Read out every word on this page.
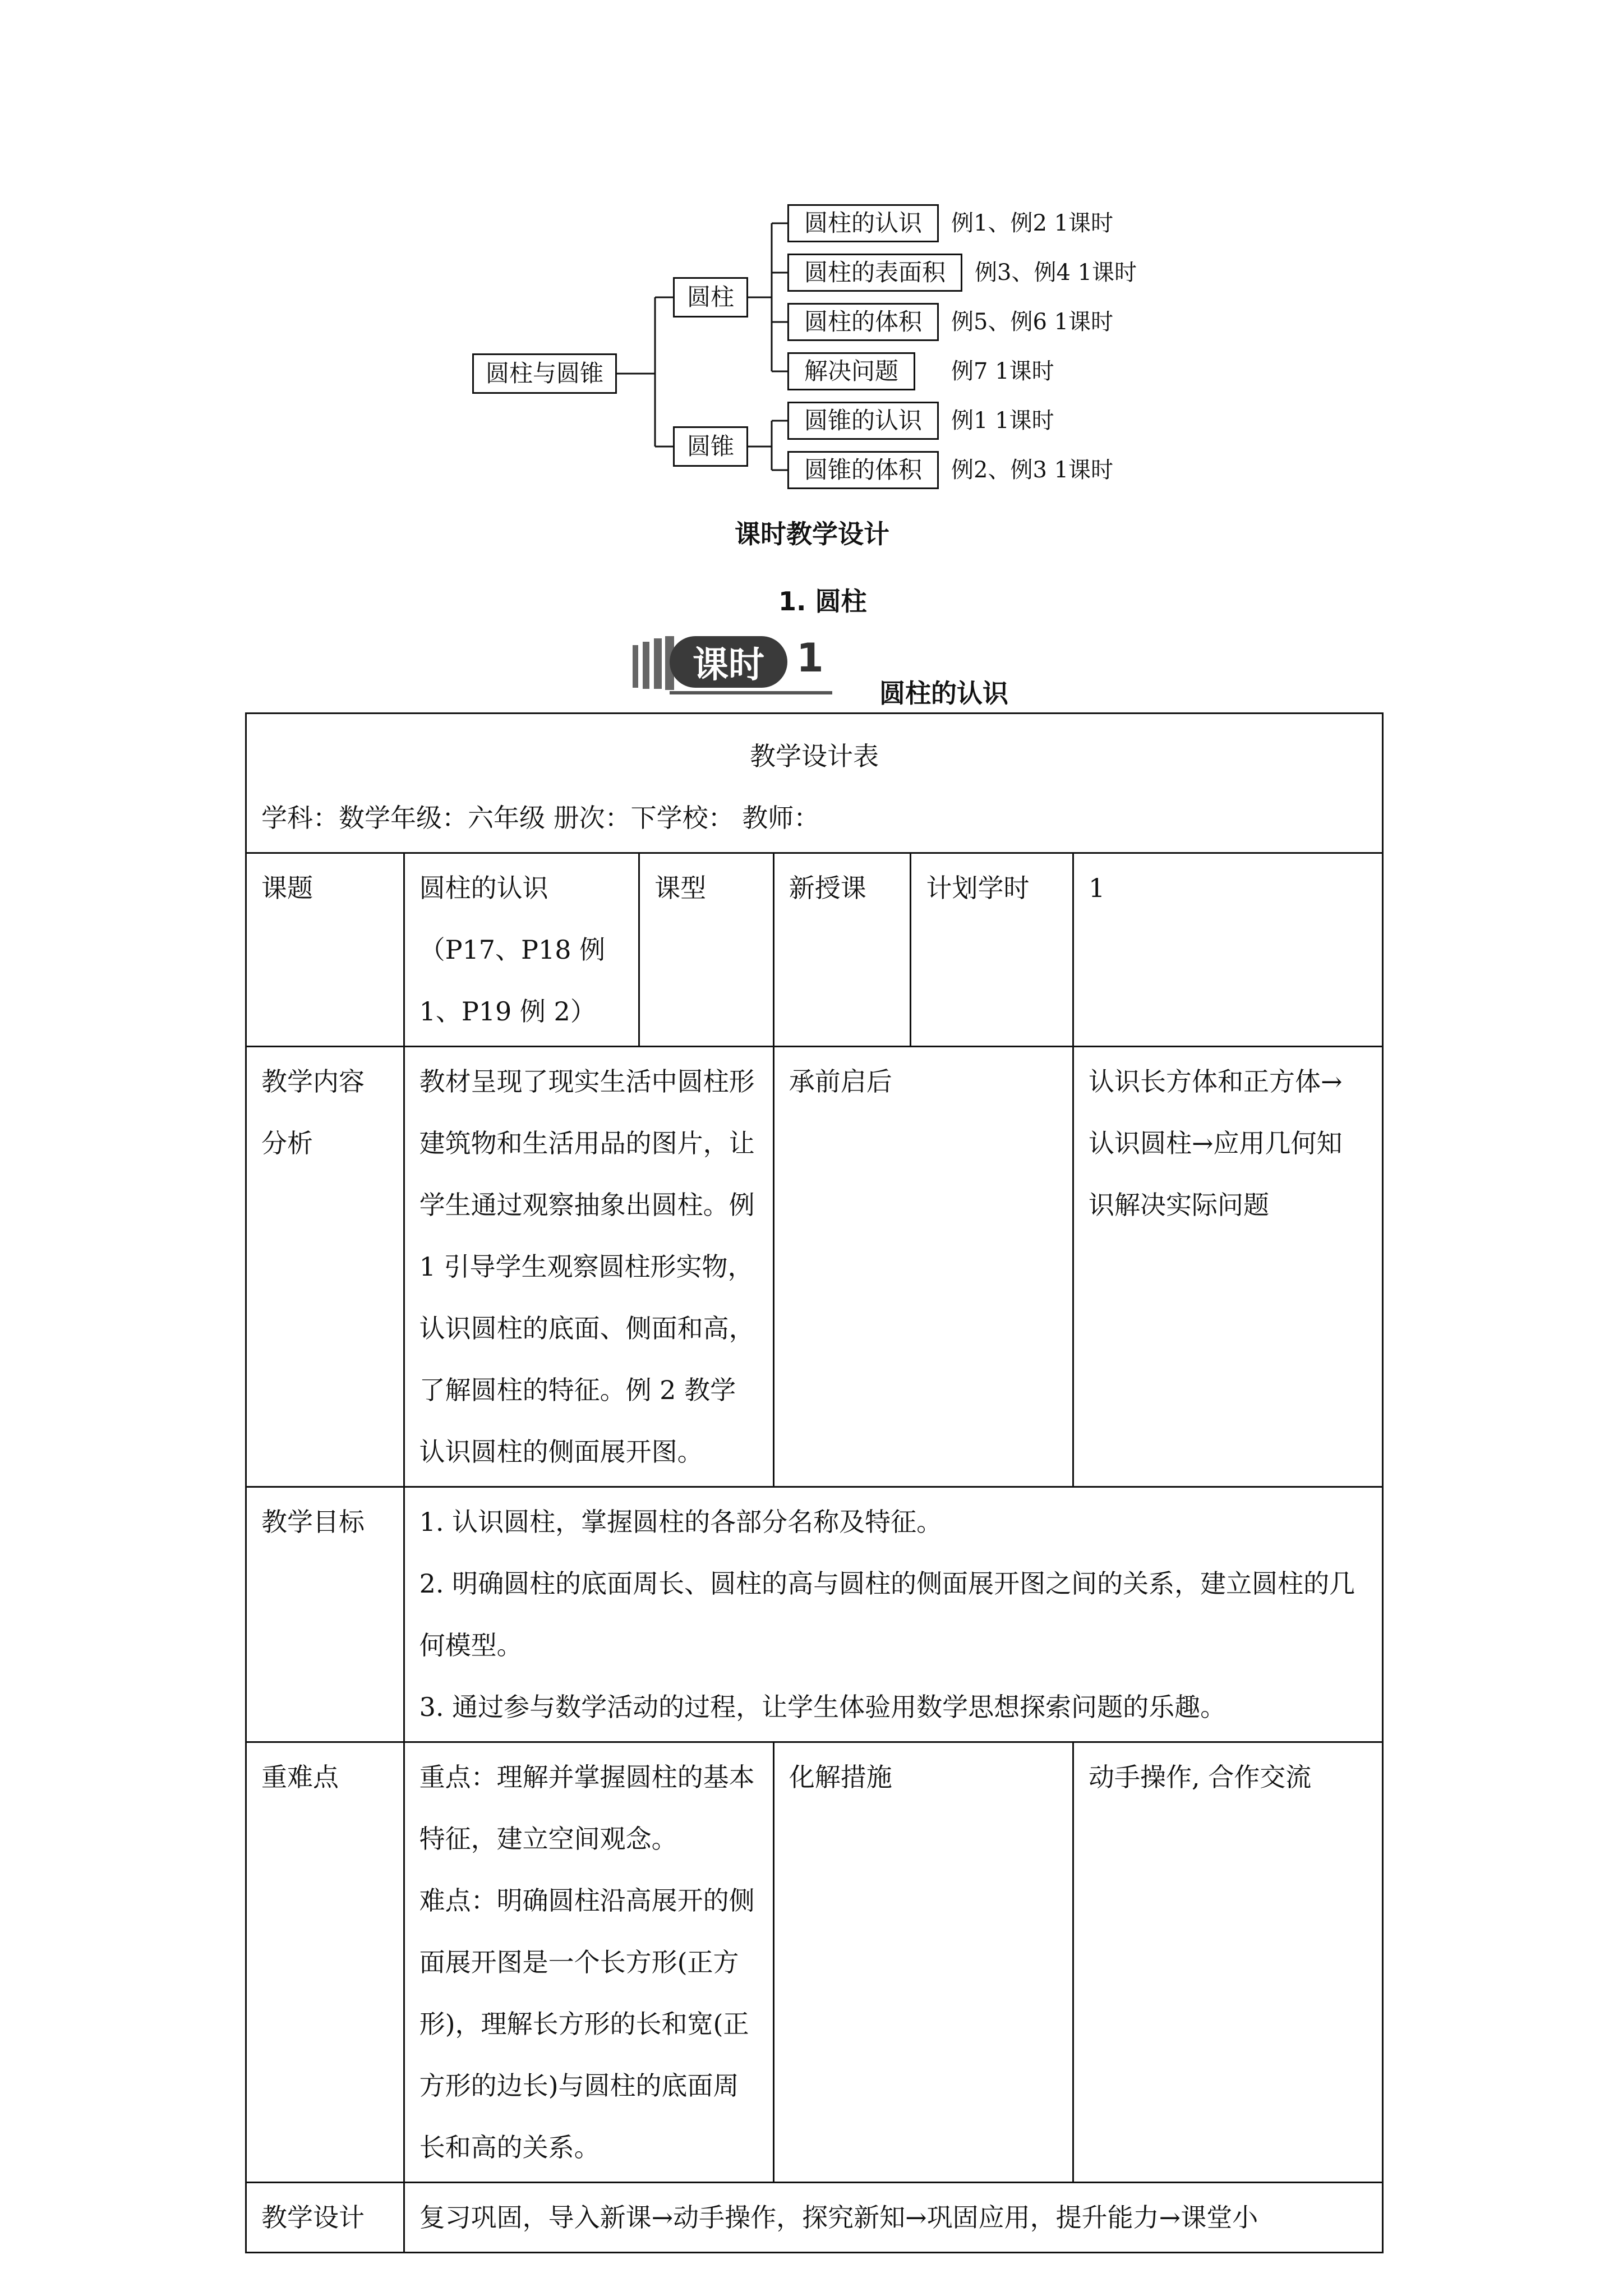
圆柱与圆锥
圆柱
圆锥
圆柱的认识	例1、例2 1课时
圆柱的表面积	例3、例4 1课时
圆柱的体积	例5、例6 1课时
解决问题	例7 1课时
圆锥的认识	例1 1课时
圆锥的体积	例2、例3 1课时
课时教学设计
1. 圆柱
课时 1
圆柱的认识
教学设计表
学科：数学年级：六年级 册次：下学校： 教师：					

课题	圆柱的认识（P17、P18 例 1、P19 例 2）	课型	新授课	计划学时	1
教学内容分析	教材呈现了现实生活中圆柱形建筑物和生活用品的图片，让学生通过观察抽象出圆柱。例 1 引导学生观察圆柱形实物，认识圆柱的底面、侧面和高，了解圆柱的特征。例 2 教学认识圆柱的侧面展开图。		承前启后		认识长方体和正方体→认识圆柱→应用几何知识解决实际问题
教学目标	1. 认识圆柱，掌握圆柱的各部分名称及特征。
2. 明确圆柱的底面周长、圆柱的高与圆柱的侧面展开图之间的关系，建立圆柱的几何模型。
3. 通过参与数学活动的过程，让学生体验用数学思想探索问题的乐趣。				

重难点	重点：理解并掌握圆柱的基本特征，建立空间观念。
难点：明确圆柱沿高展开的侧面展开图是一个长方形(正方形)，理解长方形的长和宽(正方形的边长)与圆柱的底面周长和高的关系。		化解措施		动手操作, 合作交流
教学设计	复习巩固，导入新课→动手操作，探究新知→巩固应用，提升能力→课堂小				
